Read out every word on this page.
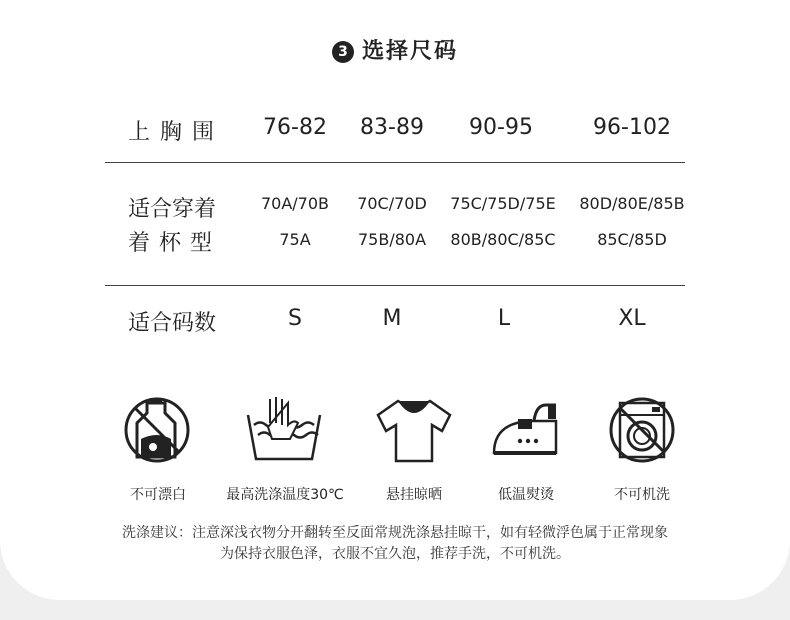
3 选择尺码
上胸围	76-82	83-89	90-95	96-102
适合穿着	70A/70B	70C/70D	75C/75D/75E	80D/80E/85B
着杯型	75A	75B/80A	80B/80C/85C	85C/85D
适合码数	S	M	L	XL
不可漂白	最高洗涤温度30℃	悬挂晾晒	低温熨烫	不可机洗
洗涤建议：注意深浅衣物分开翻转至反面常规洗涤悬挂晾干，如有轻微浮色属于正常现象
为保持衣服色泽，衣服不宜久泡，推荐手洗，不可机洗。
